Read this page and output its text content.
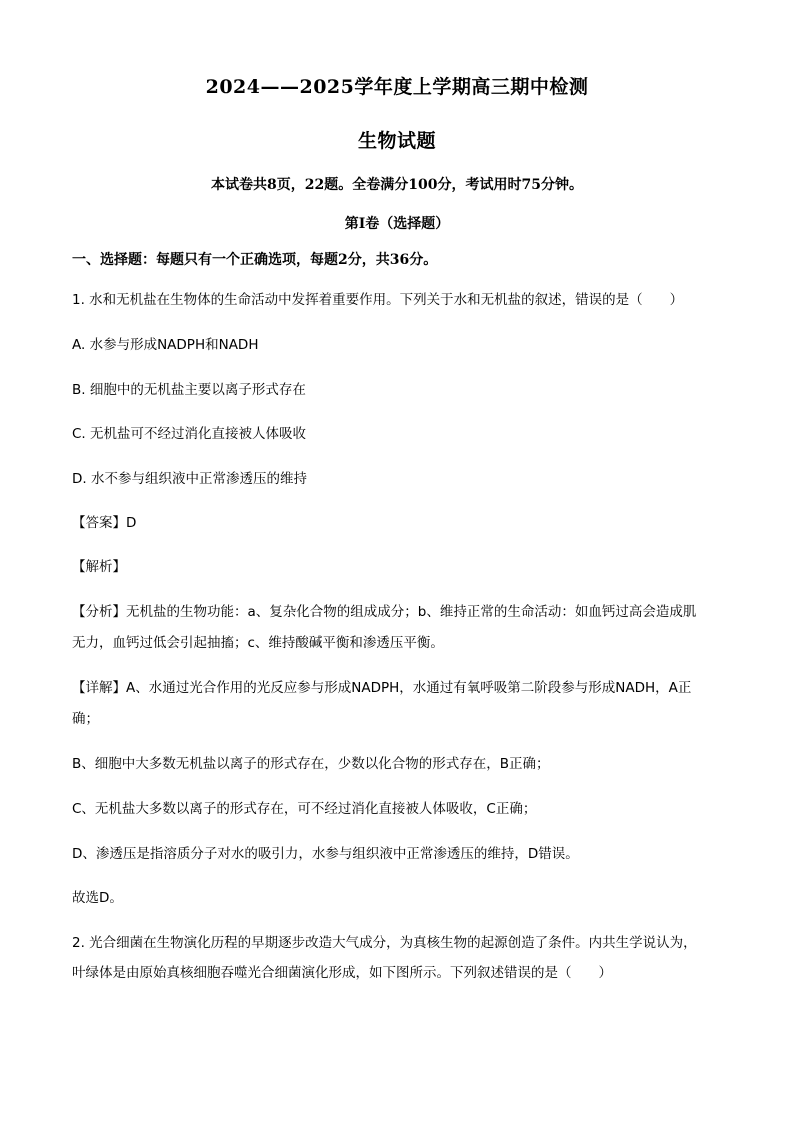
2024——2025学年度上学期高三期中检测
生物试题
本试卷共8页，22题。全卷满分100分，考试用时75分钟。
第Ⅰ卷（选择题）
一、选择题：每题只有一个正确选项，每题2分，共36分。
1. 水和无机盐在生物体的生命活动中发挥着重要作用。下列关于水和无机盐的叙述，错误的是（　　）
A. 水参与形成NADPH和NADH
B. 细胞中的无机盐主要以离子形式存在
C. 无机盐可不经过消化直接被人体吸收
D. 水不参与组织液中正常渗透压的维持
【答案】D
【解析】
【分析】无机盐的生物功能：a、复杂化合物的组成成分；b、维持正常的生命活动：如血钙过高会造成肌
无力，血钙过低会引起抽搐；c、维持酸碱平衡和渗透压平衡。
【详解】A、水通过光合作用的光反应参与形成NADPH，水通过有氧呼吸第二阶段参与形成NADH，A正
确；
B、细胞中大多数无机盐以离子的形式存在，少数以化合物的形式存在，B正确；
C、无机盐大多数以离子的形式存在，可不经过消化直接被人体吸收，C正确；
D、渗透压是指溶质分子对水的吸引力，水参与组织液中正常渗透压的维持，D错误。
故选D。
2. 光合细菌在生物演化历程的早期逐步改造大气成分，为真核生物的起源创造了条件。内共生学说认为，
叶绿体是由原始真核细胞吞噬光合细菌演化形成，如下图所示。下列叙述错误的是（　　）
